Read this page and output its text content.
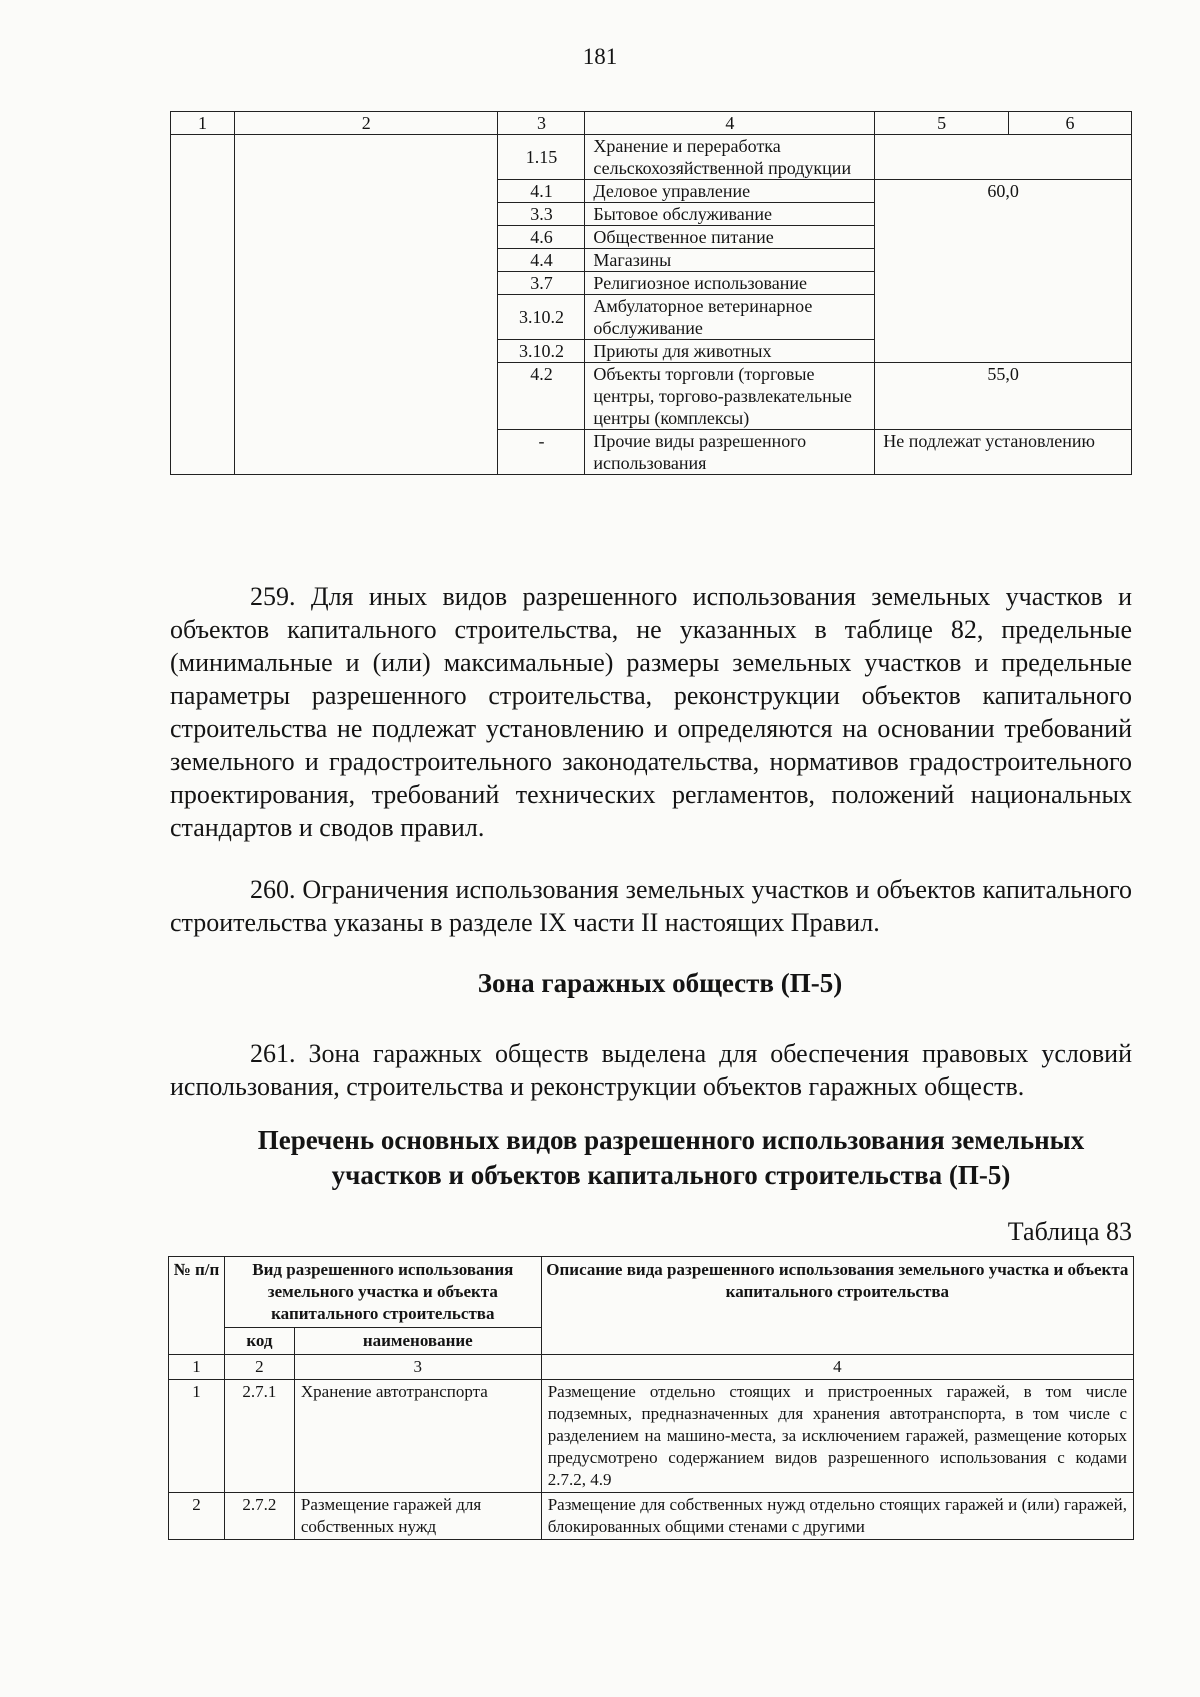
181
1	2	3	4	5	6
		1.15	Хранение и переработка сельскохозяйственной продукции		
		4.1	Деловое управление	60,0	
		3.3	Бытовое обслуживание		
		4.6	Общественное питание		
		4.4	Магазины		
		3.7	Религиозное использование		
		3.10.2	Амбулаторное ветеринарное обслуживание		
		3.10.2	Приюты для животных		
		4.2	Объекты торговли (торговые центры, торгово-развлекательные центры (комплексы)	55,0	
		-	Прочие виды разрешенного использования	Не подлежат установлению	

259. Для иных видов разрешенного использования земельных участков и объектов капитального строительства, не указанных в таблице 82, предельные (минимальные и (или) максимальные) размеры земельных участков и предельные параметры разрешенного строительства, реконструкции объектов капитального строительства не подлежат установлению и определяются на основании требований земельного и градостроительного законодательства, нормативов градостроительного проектирования, требований технических регламентов, положений национальных стандартов и сводов правил.

260. Ограничения использования земельных участков и объектов капитального строительства указаны в разделе IX части II настоящих Правил.

Зона гаражных обществ (П-5)

261. Зона гаражных обществ выделена для обеспечения правовых условий использования, строительства и реконструкции объектов гаражных обществ.

Перечень основных видов разрешенного использования земельных участков и объектов капитального строительства (П-5)
Таблица 83
№ п/п	Вид разрешенного использования земельного участка и объекта капитального строительства		Описание вида разрешенного использования земельного участка и объекта капитального строительства
	код	наименование	
1	2	3	4
1	2.7.1	Хранение автотранспорта	Размещение отдельно стоящих и пристроенных гаражей, в том числе подземных, предназначенных для хранения автотранспорта, в том числе с разделением на машино-места, за исключением гаражей, размещение которых предусмотрено содержанием видов разрешенного использования с кодами 2.7.2, 4.9
2	2.7.2	Размещение гаражей для собственных нужд	Размещение для собственных нужд отдельно стоящих гаражей и (или) гаражей, блокированных общими стенами с другими
